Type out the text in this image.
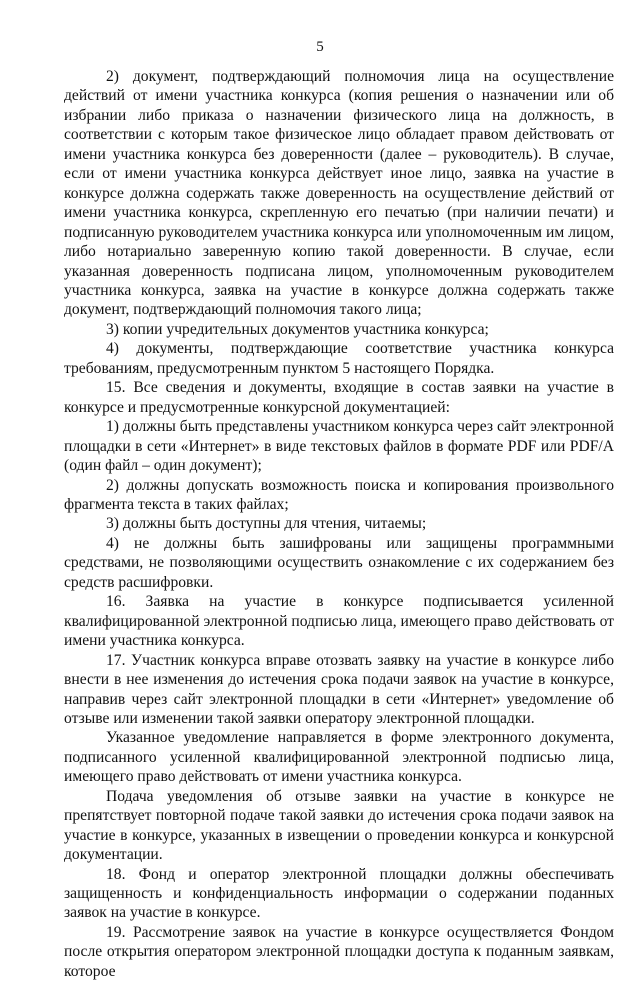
5

2) документ, подтверждающий полномочия лица на осуществление действий от имени участника конкурса (копия решения о назначении или об избрании либо приказа о назначении физического лица на должность, в соответствии с которым такое физическое лицо обладает правом действовать от имени участника конкурса без доверенности (далее – руководитель). В случае, если от имени участника конкурса действует иное лицо, заявка на участие в конкурсе должна содержать также доверенность на осуществление действий от имени участника конкурса, скрепленную его печатью (при наличии печати) и подписанную руководителем участника конкурса или уполномоченным им лицом, либо нотариально заверенную копию такой доверенности. В случае, если указанная доверенность подписана лицом, уполномоченным руководителем участника конкурса, заявка на участие в конкурсе должна содержать также документ, подтверждающий полномочия такого лица;

3) копии учредительных документов участника конкурса;

4) документы, подтверждающие соответствие участника конкурса требованиям, предусмотренным пунктом 5 настоящего Порядка.

15. Все сведения и документы, входящие в состав заявки на участие в конкурсе и предусмотренные конкурсной документацией:

1) должны быть представлены участником конкурса через сайт электронной площадки в сети «Интернет» в виде текстовых файлов в формате PDF или PDF/A (один файл – один документ);

2) должны допускать возможность поиска и копирования произвольного фрагмента текста в таких файлах;

3) должны быть доступны для чтения, читаемы;

4) не должны быть зашифрованы или защищены программными средствами, не позволяющими осуществить ознакомление с их содержанием без средств расшифровки.

16. Заявка на участие в конкурсе подписывается усиленной квалифицированной электронной подписью лица, имеющего право действовать от имени участника конкурса.

17. Участник конкурса вправе отозвать заявку на участие в конкурсе либо внести в нее изменения до истечения срока подачи заявок на участие в конкурсе, направив через сайт электронной площадки в сети «Интернет» уведомление об отзыве или изменении такой заявки оператору электронной площадки.

Указанное уведомление направляется в форме электронного документа, подписанного усиленной квалифицированной электронной подписью лица, имеющего право действовать от имени участника конкурса.

Подача уведомления об отзыве заявки на участие в конкурсе не препятствует повторной подаче такой заявки до истечения срока подачи заявок на участие в конкурсе, указанных в извещении о проведении конкурса и конкурсной документации.

18. Фонд и оператор электронной площадки должны обеспечивать защищенность и конфиденциальность информации о содержании поданных заявок на участие в конкурсе.

19. Рассмотрение заявок на участие в конкурсе осуществляется Фондом после открытия оператором электронной площадки доступа к поданным заявкам, которое
